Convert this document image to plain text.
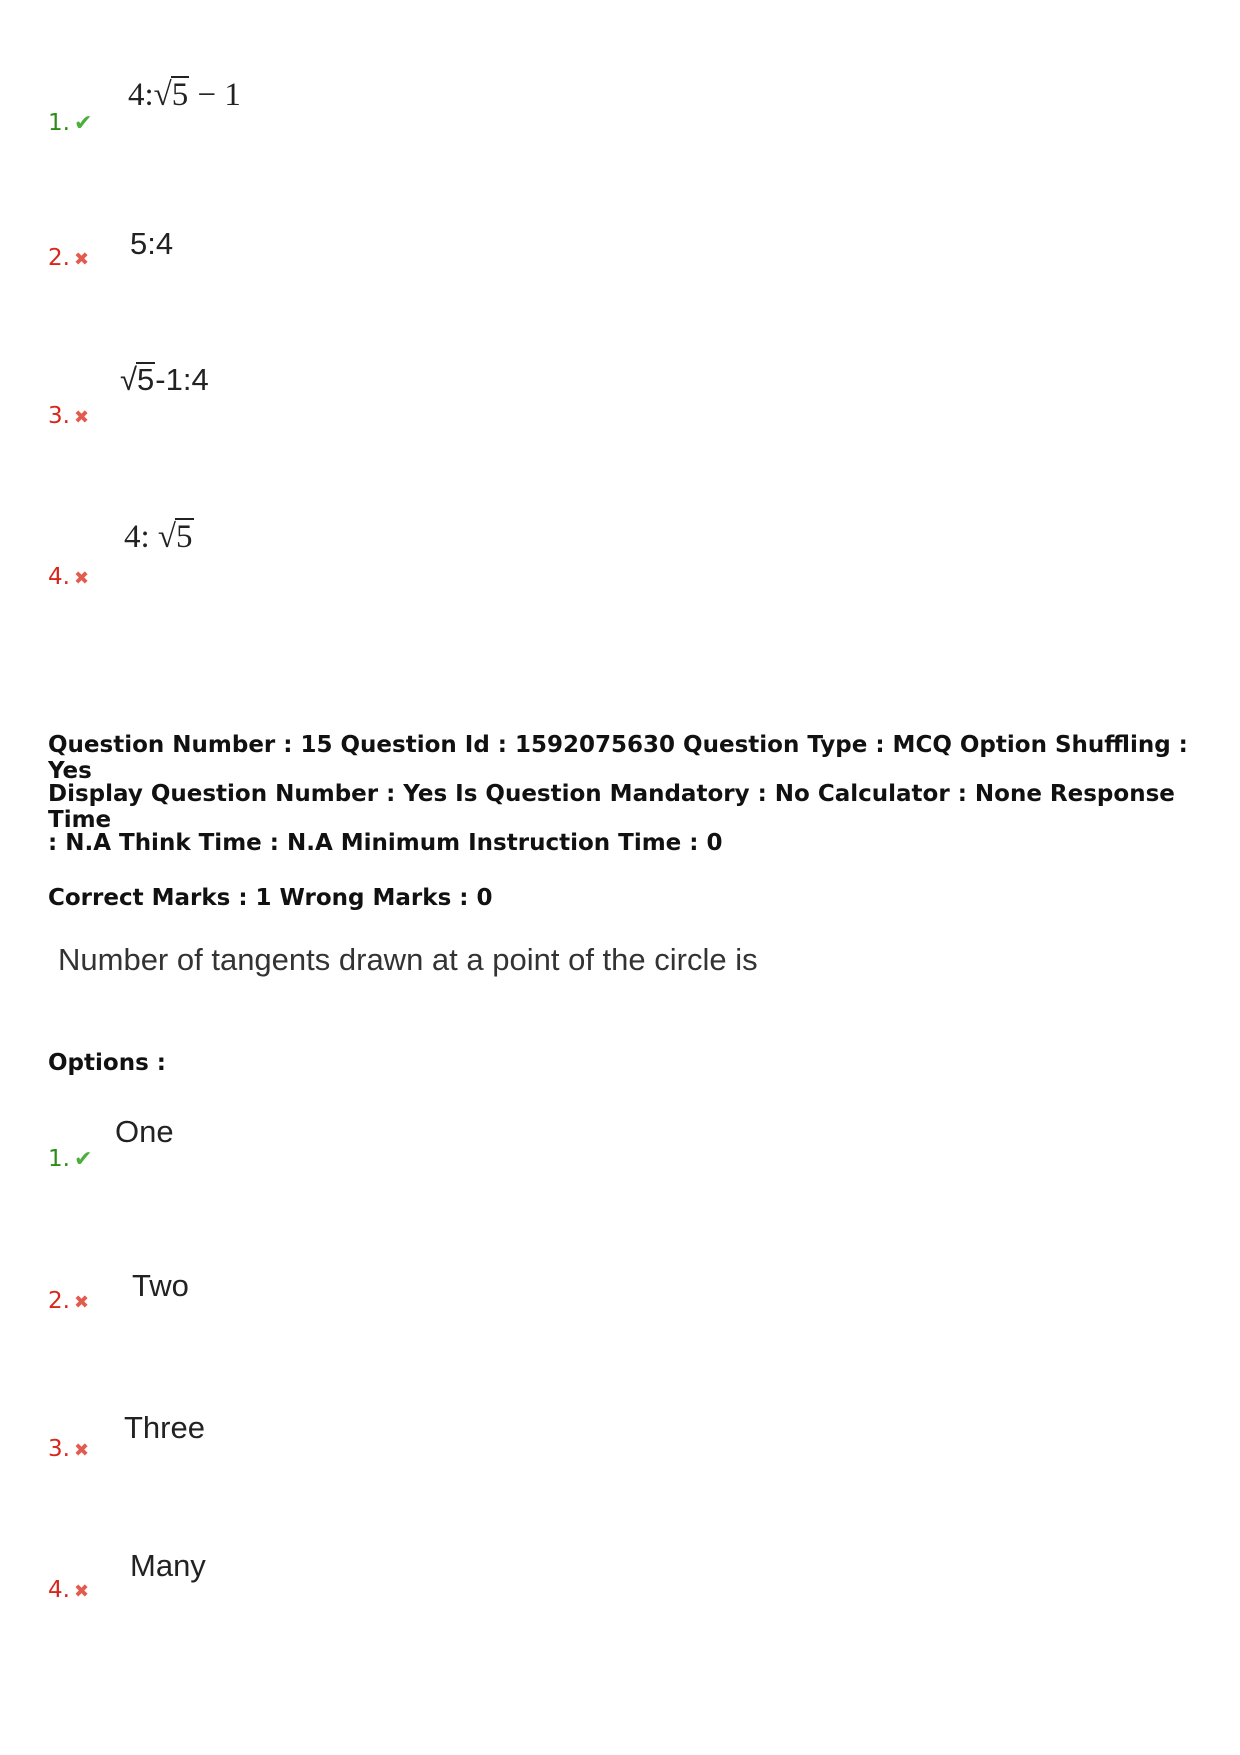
1. ✔
4:√5 − 1
2. ✖ 5:4
3. ✖
√5-1:4
4. ✖
4: √5
Question Number : 15 Question Id : 1592075630 Question Type : MCQ Option Shuffling : Yes
Display Question Number : Yes Is Question Mandatory : No Calculator : None Response Time
: N.A Think Time : N.A Minimum Instruction Time : 0
Correct Marks : 1 Wrong Marks : 0
Number of tangents drawn at a point of the circle is
Options :
1. ✔
One
2. ✖ Two
3. ✖
Three
4. ✖
Many
